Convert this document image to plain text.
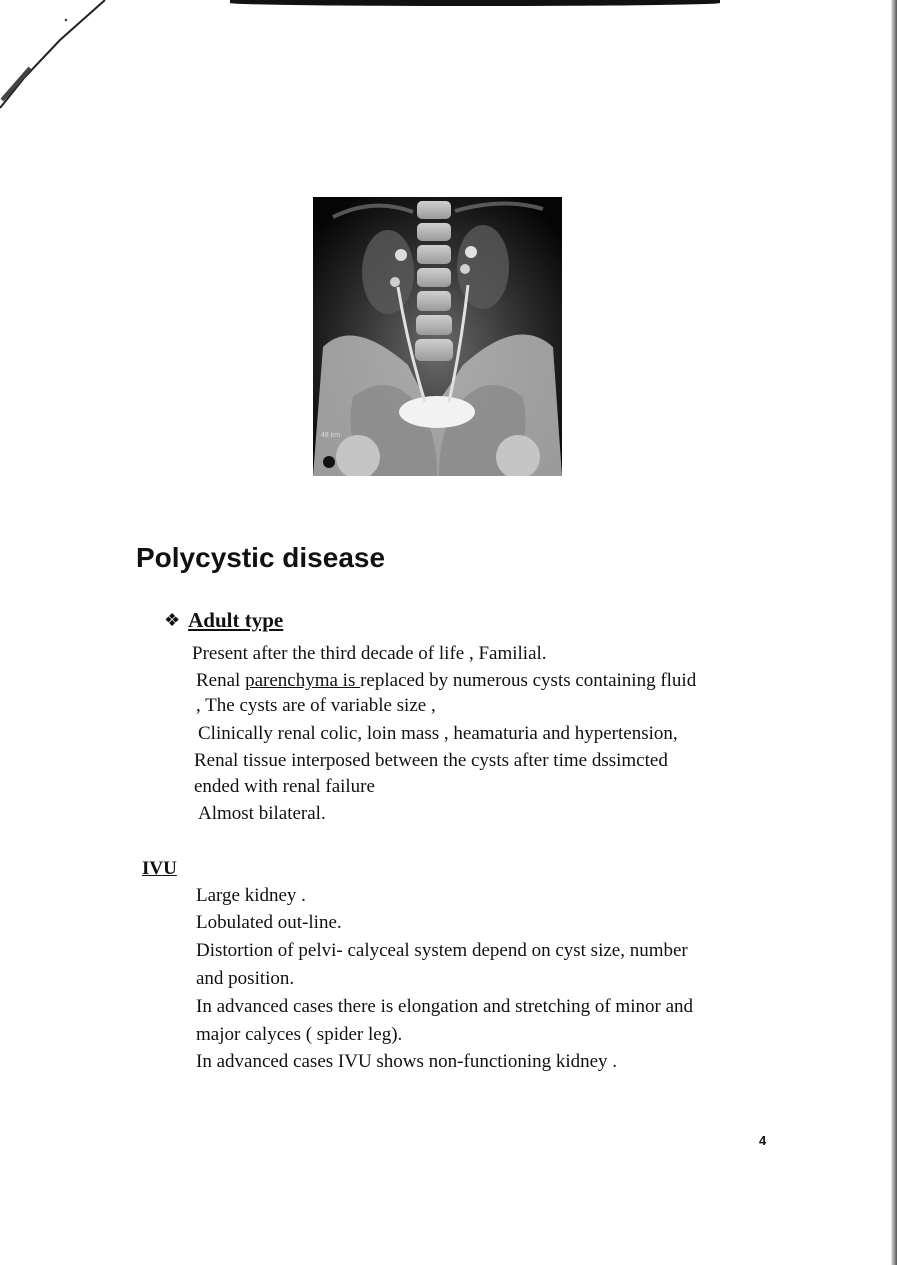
48 km
Polycystic disease
❖ Adult type
Present after the third decade of life , Familial.
Renal parenchyma is replaced by numerous cysts containing fluid
, The cysts are of variable size ,
Clinically renal colic, loin mass , heamaturia and hypertension,
Renal tissue interposed between the cysts after time dssimcted
ended with renal failure
Almost bilateral.
IVU
Large kidney .
Lobulated out-line.
Distortion of pelvi- calyceal system depend on cyst size, number
and position.
In advanced cases there is elongation and stretching of minor and
major calyces ( spider leg).
In advanced cases IVU shows non-functioning kidney .
4
